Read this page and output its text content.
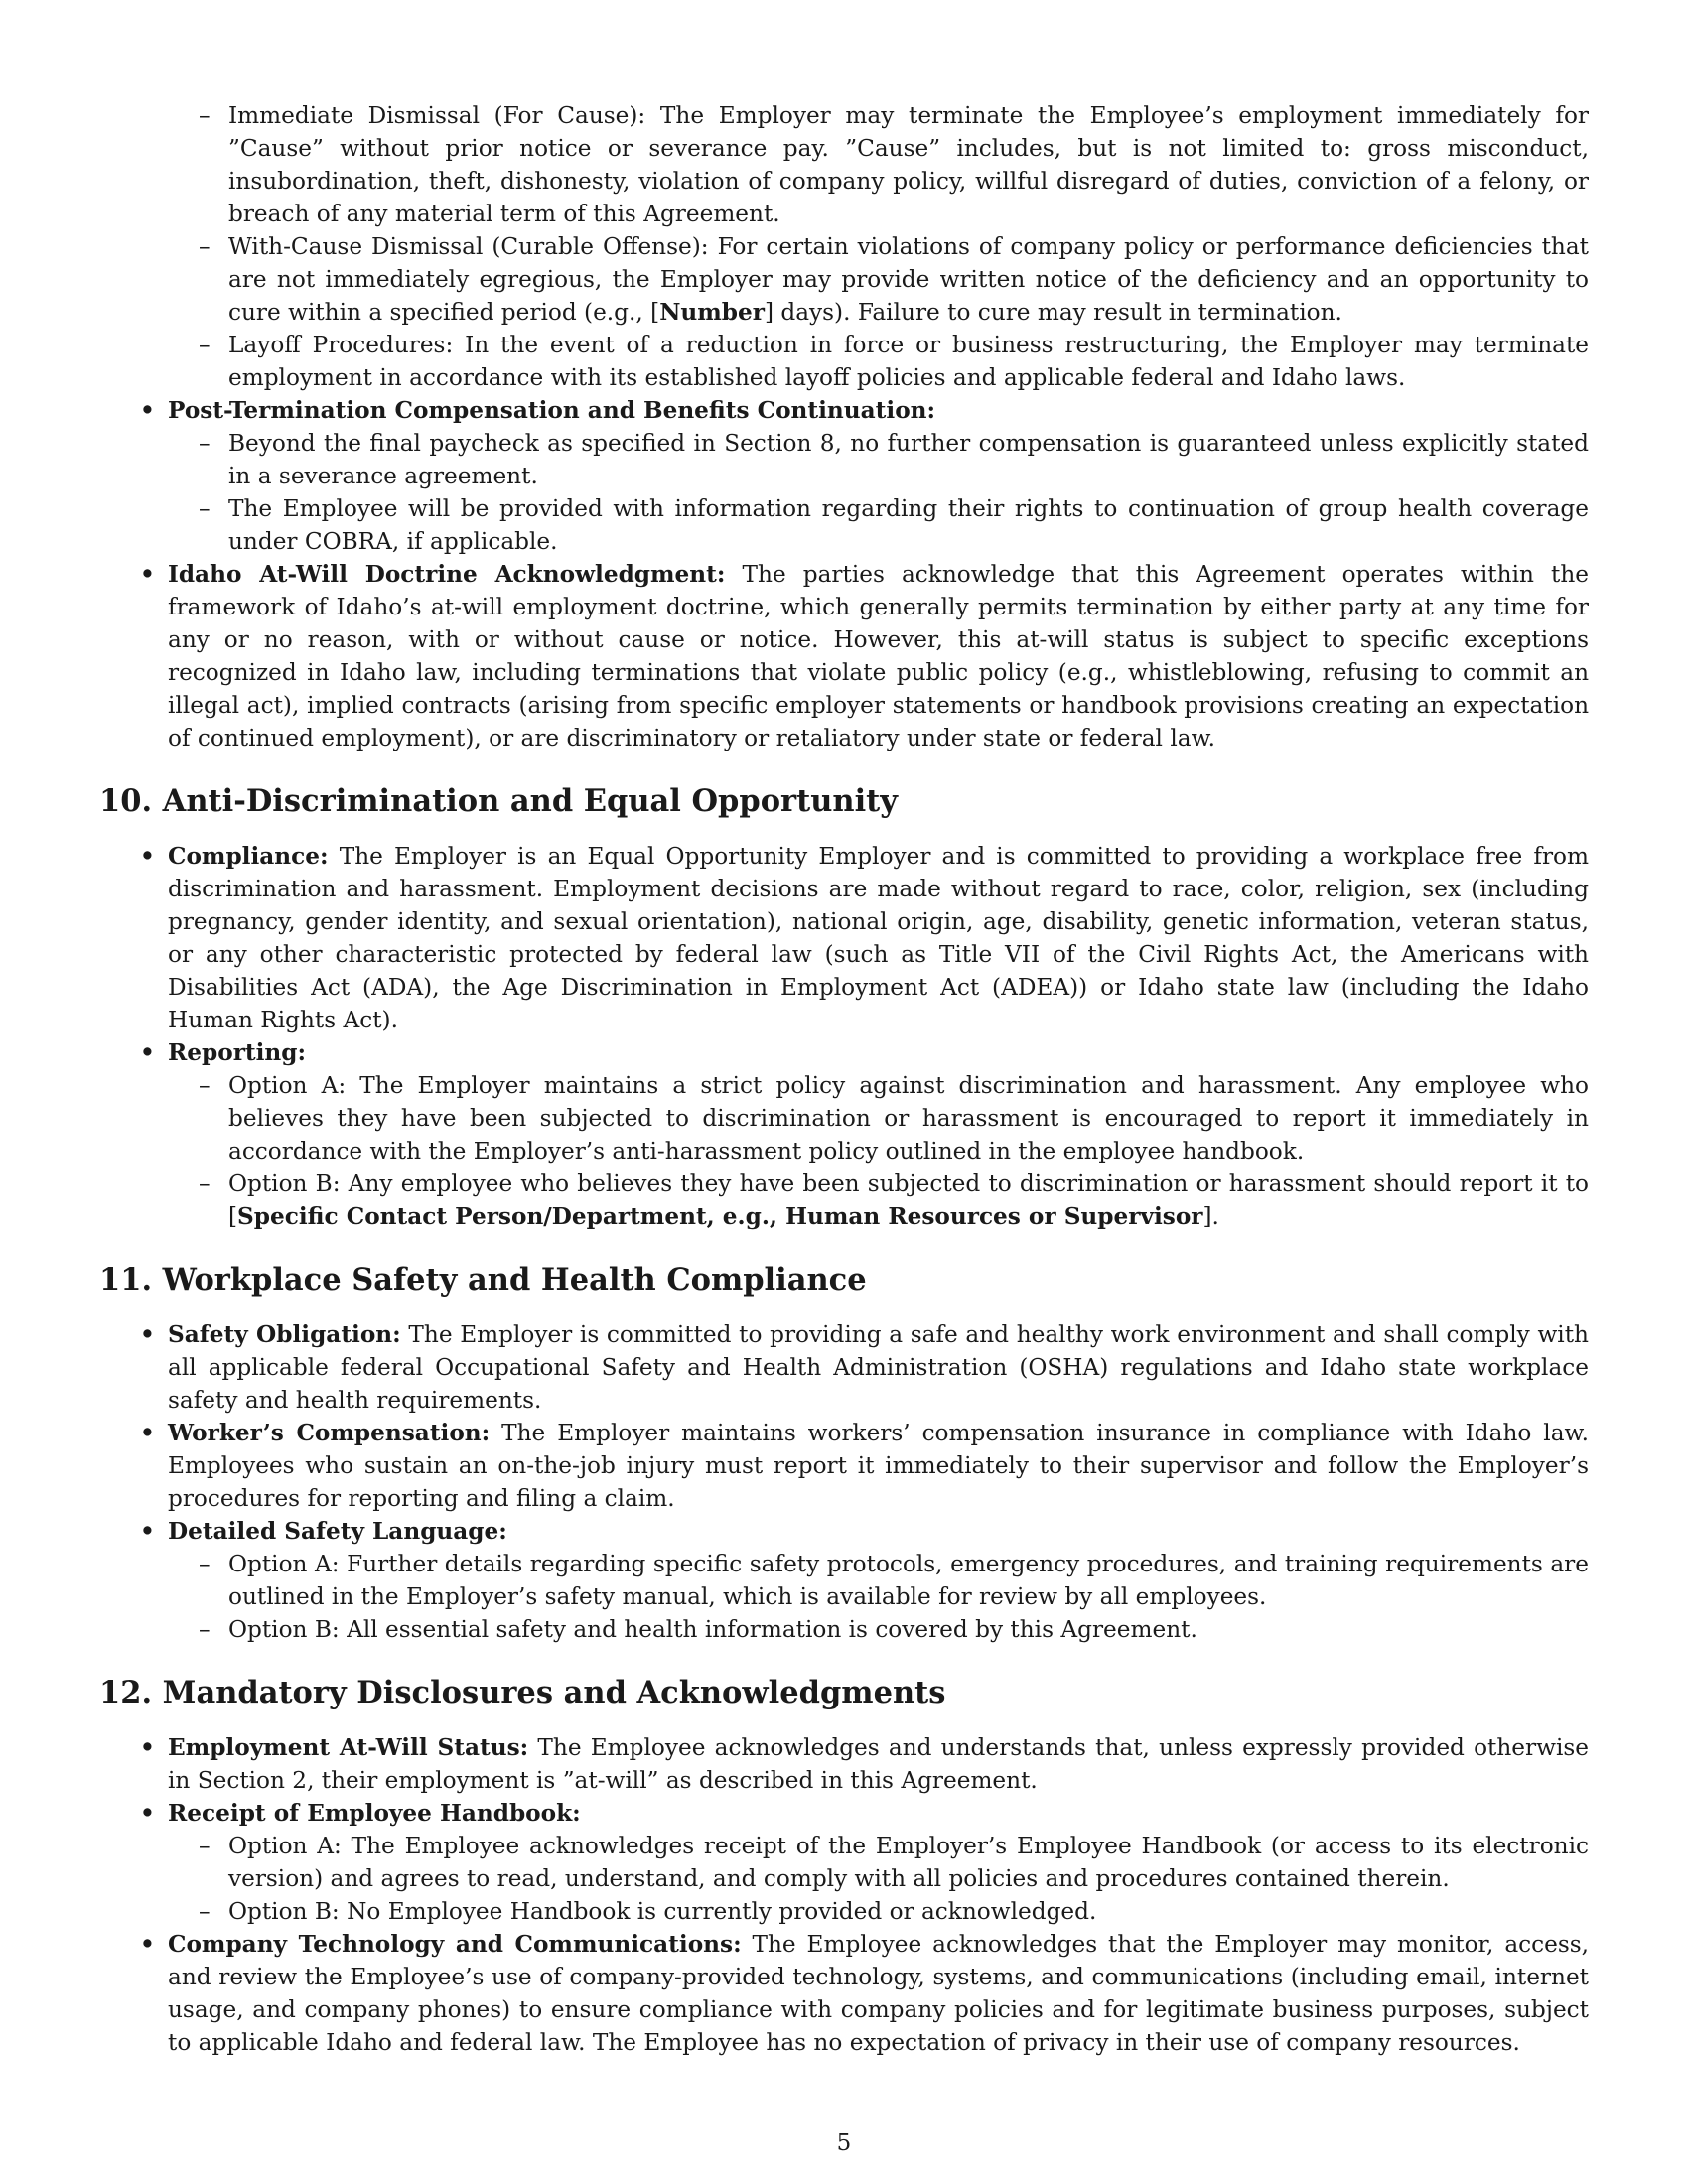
– Immediate Dismissal (For Cause): The Employer may terminate the Employee’s employment immediately for ”Cause” without prior notice or severance pay. ”Cause” includes, but is not limited to: gross misconduct, insubordination, theft, dishonesty, violation of company policy, willful disregard of duties, conviction of a felony, or breach of any material term of this Agreement.
– With-Cause Dismissal (Curable Offense): For certain violations of company policy or performance deficiencies that are not immediately egregious, the Employer may provide written notice of the deficiency and an opportunity to cure within a specified period (e.g., [Number] days). Failure to cure may result in termination.
– Layoff Procedures: In the event of a reduction in force or business restructuring, the Employer may terminate employment in accordance with its established layoff policies and applicable federal and Idaho laws.
• Post-Termination Compensation and Benefits Continuation:
– Beyond the final paycheck as specified in Section 8, no further compensation is guaranteed unless explicitly stated in a severance agreement.
– The Employee will be provided with information regarding their rights to continuation of group health coverage under COBRA, if applicable.
• Idaho At-Will Doctrine Acknowledgment: The parties acknowledge that this Agreement operates within the framework of Idaho’s at-will employment doctrine, which generally permits termination by either party at any time for any or no reason, with or without cause or notice. However, this at-will status is subject to specific exceptions recognized in Idaho law, including terminations that violate public policy (e.g., whistleblowing, refusing to commit an illegal act), implied contracts (arising from specific employer statements or handbook provisions creating an expectation of continued employment), or are discriminatory or retaliatory under state or federal law.
10. Anti-Discrimination and Equal Opportunity
• Compliance: The Employer is an Equal Opportunity Employer and is committed to providing a workplace free from discrimination and harassment. Employment decisions are made without regard to race, color, religion, sex (including pregnancy, gender identity, and sexual orientation), national origin, age, disability, genetic information, veteran status, or any other characteristic protected by federal law (such as Title VII of the Civil Rights Act, the Americans with Disabilities Act (ADA), the Age Discrimination in Employment Act (ADEA)) or Idaho state law (including the Idaho Human Rights Act).
• Reporting:
– Option A: The Employer maintains a strict policy against discrimination and harassment. Any employee who believes they have been subjected to discrimination or harassment is encouraged to report it immediately in accordance with the Employer’s anti-harassment policy outlined in the employee handbook.
– Option B: Any employee who believes they have been subjected to discrimination or harassment should report it to [Specific Contact Person/Department, e.g., Human Resources or Supervisor].
11. Workplace Safety and Health Compliance
• Safety Obligation: The Employer is committed to providing a safe and healthy work environment and shall comply with all applicable federal Occupational Safety and Health Administration (OSHA) regulations and Idaho state workplace safety and health requirements.
• Worker’s Compensation: The Employer maintains workers’ compensation insurance in compliance with Idaho law. Employees who sustain an on-the-job injury must report it immediately to their supervisor and follow the Employer’s procedures for reporting and filing a claim.
• Detailed Safety Language:
– Option A: Further details regarding specific safety protocols, emergency procedures, and training requirements are outlined in the Employer’s safety manual, which is available for review by all employees.
– Option B: All essential safety and health information is covered by this Agreement.
12. Mandatory Disclosures and Acknowledgments
• Employment At-Will Status: The Employee acknowledges and understands that, unless expressly provided otherwise in Section 2, their employment is ”at-will” as described in this Agreement.
• Receipt of Employee Handbook:
– Option A: The Employee acknowledges receipt of the Employer’s Employee Handbook (or access to its electronic version) and agrees to read, understand, and comply with all policies and procedures contained therein.
– Option B: No Employee Handbook is currently provided or acknowledged.
• Company Technology and Communications: The Employee acknowledges that the Employer may monitor, access, and review the Employee’s use of company-provided technology, systems, and communications (including email, internet usage, and company phones) to ensure compliance with company policies and for legitimate business purposes, subject to applicable Idaho and federal law. The Employee has no expectation of privacy in their use of company resources.
5
